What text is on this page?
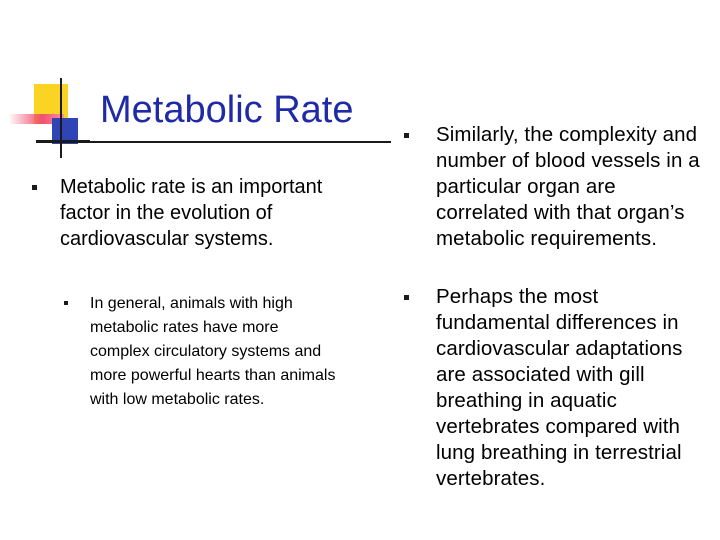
Metabolic Rate
Metabolic rate is an important factor in the evolution of cardiovascular systems.
In general, animals with high metabolic rates have more complex circulatory systems and more powerful hearts than animals with low metabolic rates.
Similarly, the complexity and number of blood vessels in a particular organ are correlated with that organ’s metabolic requirements.
Perhaps the most fundamental differences in cardiovascular adaptations are associated with gill breathing in aquatic vertebrates compared with lung breathing in terrestrial vertebrates.
